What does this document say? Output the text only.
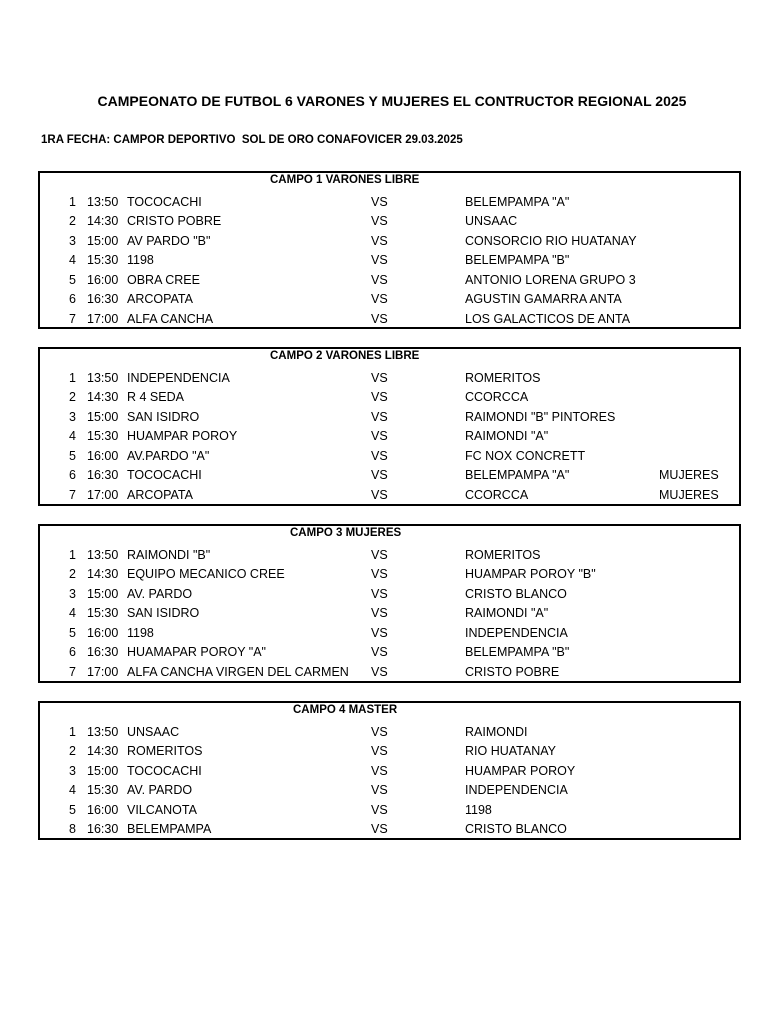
CAMPEONATO DE FUTBOL 6 VARONES Y MUJERES EL CONTRUCTOR REGIONAL 2025
1RA FECHA: CAMPOR DEPORTIVO  SOL DE ORO CONAFOVICER 29.03.2025
CAMPO 1 VARONES LIBRE
1 13:50 TOCOCACHI	VS	BELEMPAMPA "A"
2 14:30 CRISTO POBRE	VS	UNSAAC
3 15:00 AV PARDO "B"	VS	CONSORCIO RIO HUATANAY
4 15:30 1198	VS	BELEMPAMPA "B"
5 16:00 OBRA CREE	VS	ANTONIO LORENA GRUPO 3
6 16:30 ARCOPATA	VS	AGUSTIN GAMARRA ANTA
7 17:00 ALFA CANCHA	VS	LOS GALACTICOS DE ANTA
CAMPO 2 VARONES LIBRE
1 13:50 INDEPENDENCIA	VS	ROMERITOS
2 14:30 R 4 SEDA	VS	CCORCCA
3 15:00 SAN ISIDRO	VS	RAIMONDI "B" PINTORES
4 15:30 HUAMPAR POROY	VS	RAIMONDI "A"
5 16:00 AV.PARDO "A"	VS	FC NOX CONCRETT
6 16:30 TOCOCACHI	VS	BELEMPAMPA "A"	MUJERES
7 17:00 ARCOPATA	VS	CCORCCA	MUJERES
CAMPO 3 MUJERES
1 13:50 RAIMONDI "B"	VS	ROMERITOS
2 14:30 EQUIPO MECANICO CREE	VS	HUAMPAR POROY "B"
3 15:00 AV. PARDO	VS	CRISTO BLANCO
4 15:30 SAN ISIDRO	VS	RAIMONDI "A"
5 16:00 1198	VS	INDEPENDENCIA
6 16:30 HUAMAPAR POROY "A"	VS	BELEMPAMPA "B"
7 17:00 ALFA CANCHA VIRGEN DEL CARMEN VS	CRISTO POBRE
CAMPO 4 MASTER
1 13:50 UNSAAC	VS	RAIMONDI
2 14:30 ROMERITOS	VS	RIO HUATANAY
3 15:00 TOCOCACHI	VS	HUAMPAR POROY
4 15:30 AV. PARDO	VS	INDEPENDENCIA
5 16:00 VILCANOTA	VS	1198
8 16:30 BELEMPAMPA	VS	CRISTO BLANCO
